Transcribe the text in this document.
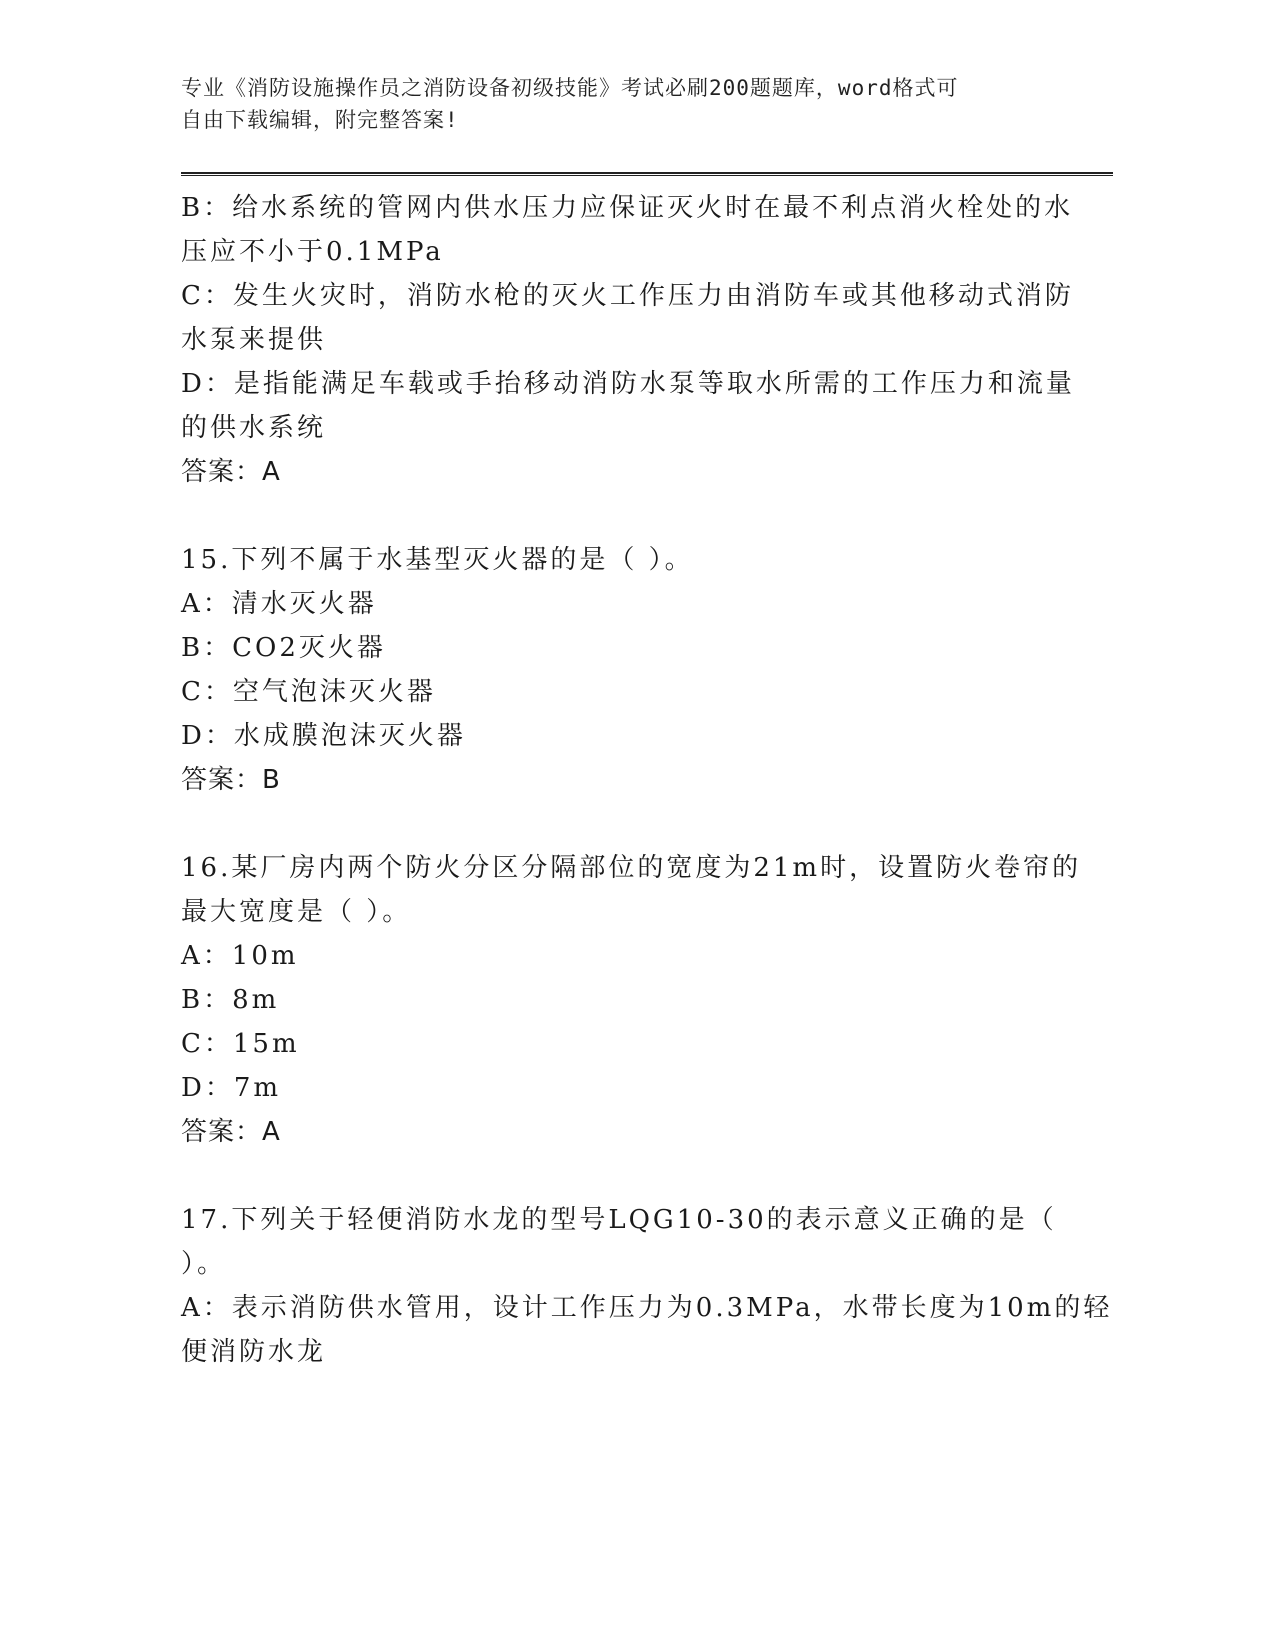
专业《消防设施操作员之消防设备初级技能》考试必刷200题题库，word格式可
自由下载编辑，附完整答案!
B：给水系统的管网内供水压力应保证灭火时在最不利点消火栓处的水
压应不小于0.1MPa
C：发生火灾时，消防水枪的灭火工作压力由消防车或其他移动式消防
水泵来提供
D：是指能满足车载或手抬移动消防水泵等取水所需的工作压力和流量
的供水系统
答案：A
15.下列不属于水基型灭火器的是（ ）。
A：清水灭火器
B：CO2灭火器
C：空气泡沫灭火器
D：水成膜泡沫灭火器
答案：B
16.某厂房内两个防火分区分隔部位的宽度为21m时，设置防火卷帘的
最大宽度是（ ）。
A：10m
B：8m
C：15m
D：7m
答案：A
17.下列关于轻便消防水龙的型号LQG10-30的表示意义正确的是（
）。
A：表示消防供水管用，设计工作压力为0.3MPa，水带长度为10m的轻
便消防水龙
